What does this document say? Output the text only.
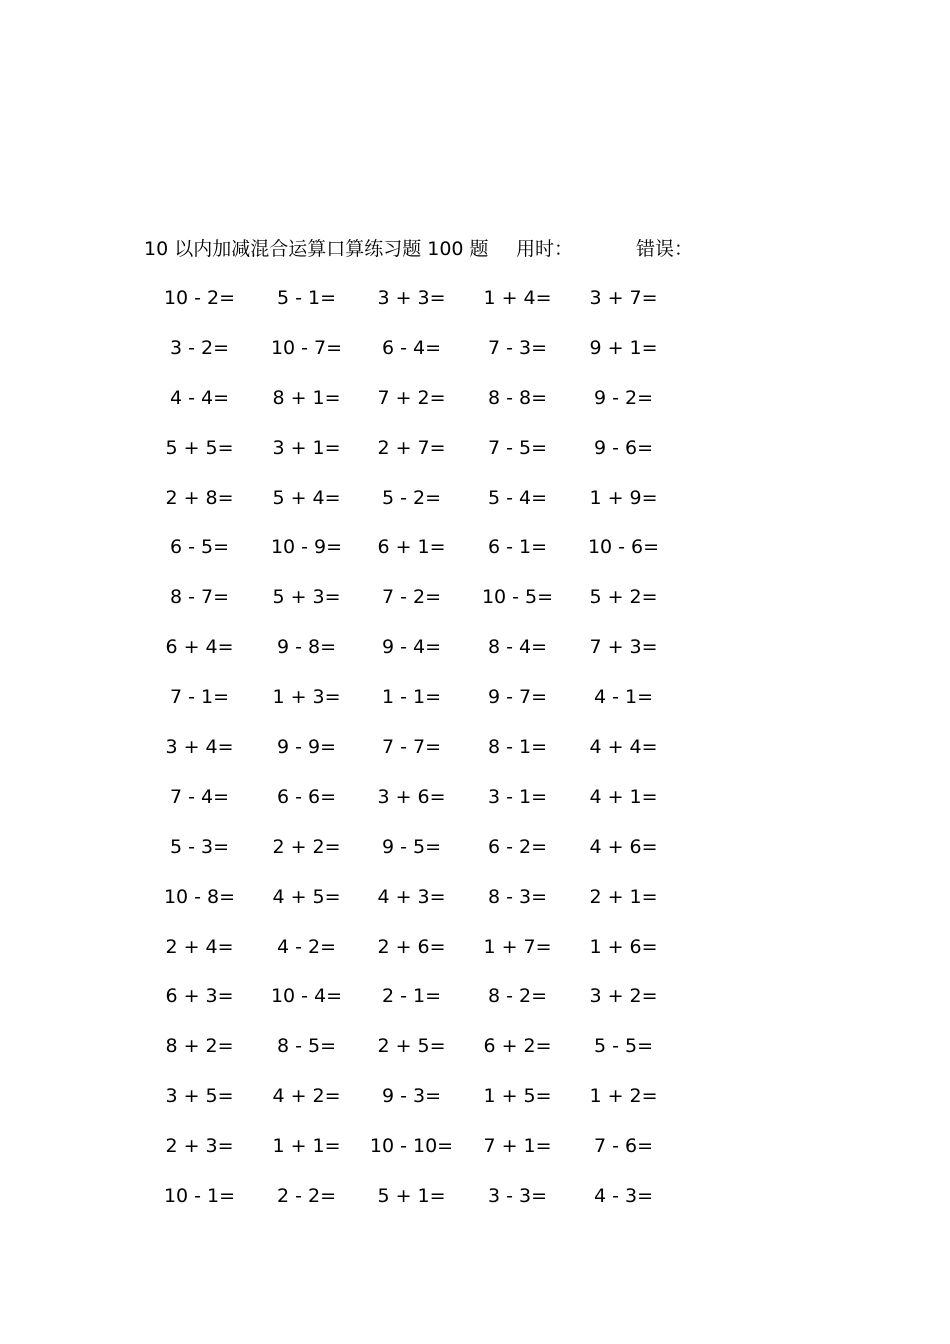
10 以内加减混合运算口算练习题 100 题 用时：	错误：
10 - 2=	5 - 1=	3 + 3=	1 + 4=	3 + 7=
3 - 2=	10 - 7=	6 - 4=	7 - 3=	9 + 1=
4 - 4=	8 + 1=	7 + 2=	8 - 8=	9 - 2=
5 + 5=	3 + 1=	2 + 7=	7 - 5=	9 - 6=
2 + 8=	5 + 4=	5 - 2=	5 - 4=	1 + 9=
6 - 5=	10 - 9=	6 + 1=	6 - 1=	10 - 6=
8 - 7=	5 + 3=	7 - 2=	10 - 5=	5 + 2=
6 + 4=	9 - 8=	9 - 4=	8 - 4=	7 + 3=
7 - 1=	1 + 3=	1 - 1=	9 - 7=	4 - 1=
3 + 4=	9 - 9=	7 - 7=	8 - 1=	4 + 4=
7 - 4=	6 - 6=	3 + 6=	3 - 1=	4 + 1=
5 - 3=	2 + 2=	9 - 5=	6 - 2=	4 + 6=
10 - 8=	4 + 5=	4 + 3=	8 - 3=	2 + 1=
2 + 4=	4 - 2=	2 + 6=	1 + 7=	1 + 6=
6 + 3=	10 - 4=	2 - 1=	8 - 2=	3 + 2=
8 + 2=	8 - 5=	2 + 5=	6 + 2=	5 - 5=
3 + 5=	4 + 2=	9 - 3=	1 + 5=	1 + 2=
2 + 3=	1 + 1=	10 - 10=	7 + 1=	7 - 6=
10 - 1=	2 - 2=	5 + 1=	3 - 3=	4 - 3=
